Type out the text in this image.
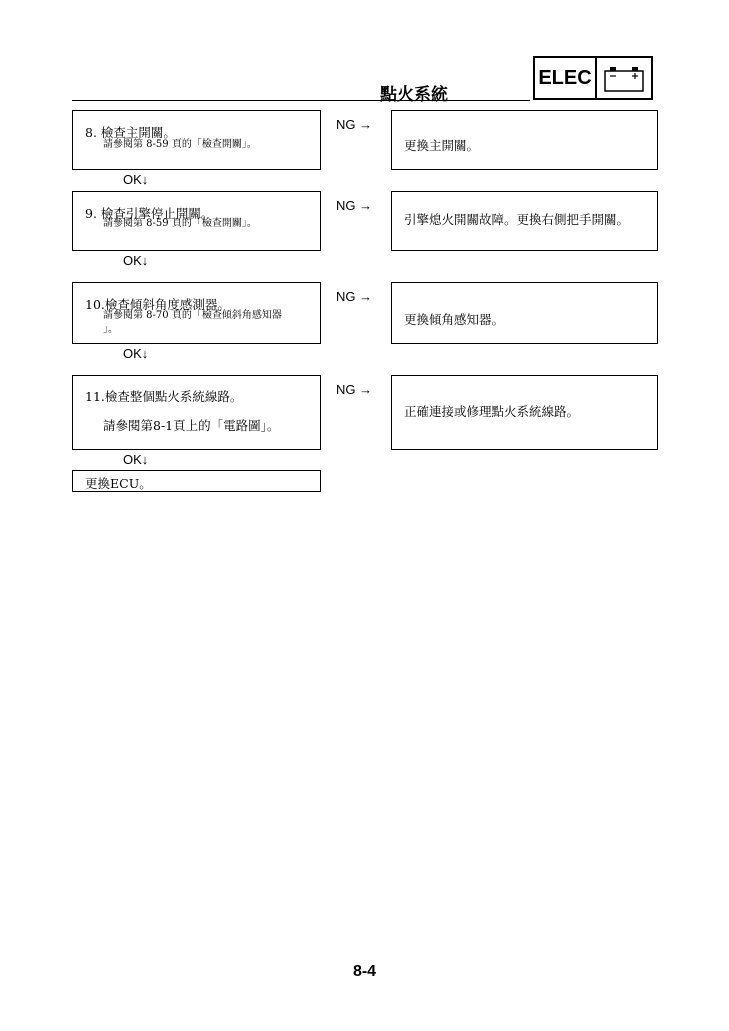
點火系統
ELEC
8. 檢查主開關。
請參閱第 8-59 頁的「檢查開關」。
NG →
更換主開關。
OK↓
9. 檢查引擎停止開關。
請參閱第 8-59 頁的「檢查開關」。
NG →
引擎熄火開關故障。更換右側把手開關。
OK↓
10.檢查傾斜角度感測器。
請參閱第 8-70 頁的「檢查傾斜角感知器
」。
NG →
更換傾角感知器。
OK↓
11.檢查整個點火系統線路。
請參閱第8-1頁上的「電路圖」。
NG →
正確連接或修理點火系統線路。
OK↓
更換ECU。
8-4
